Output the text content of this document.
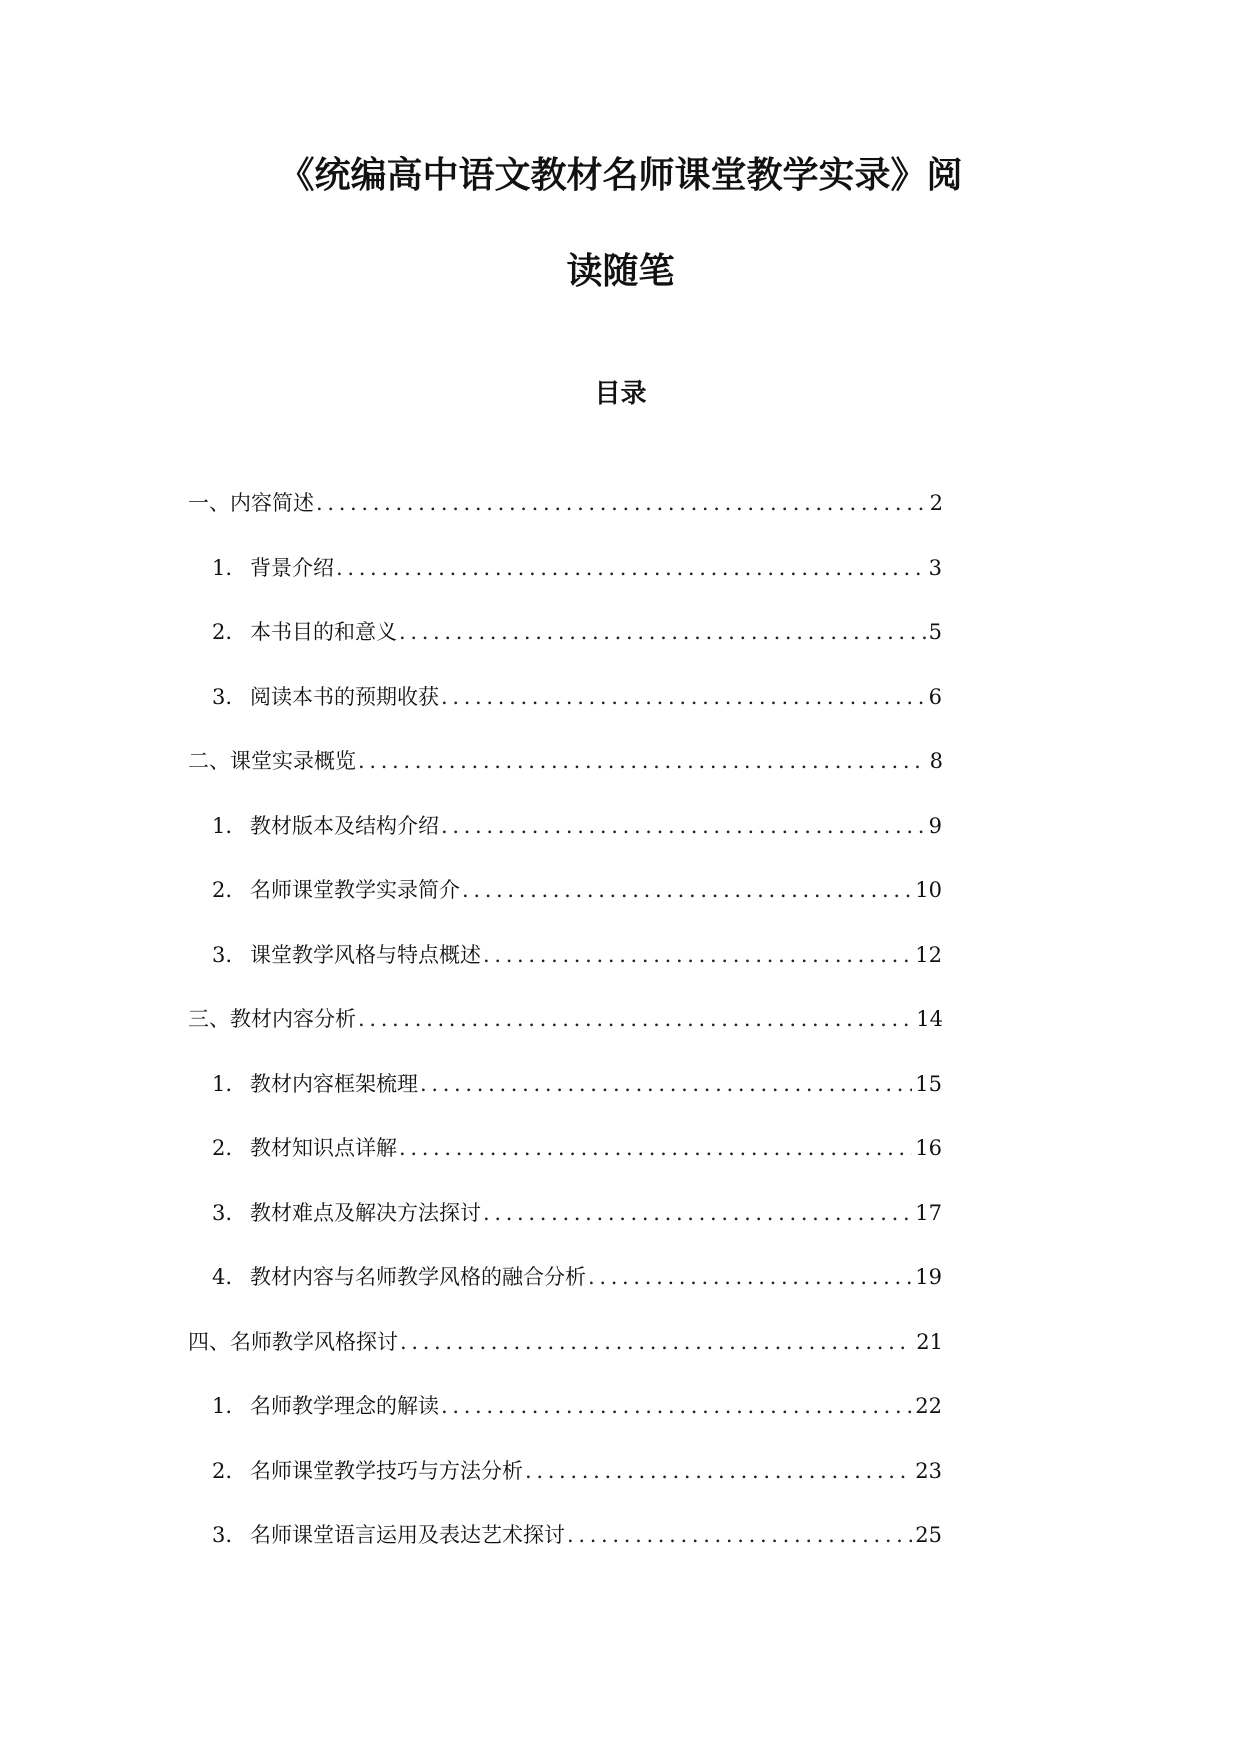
《统编高中语文教材名师课堂教学实录》阅
读随笔
目录
一、内容简述 . . .	2
1. 背景介绍 . . .	3
2. 本书目的和意义 . . .	5
3. 阅读本书的预期收获 . . .	6
二、课堂实录概览 . . .	8
1. 教材版本及结构介绍 . . .	9
2. 名师课堂教学实录简介 . . .	10
3. 课堂教学风格与特点概述 . . .	12
三、教材内容分析 . . .	14
1. 教材内容框架梳理 . . .	15
2. 教材知识点详解 . . .	16
3. 教材难点及解决方法探讨 . . .	17
4. 教材内容与名师教学风格的融合分析 . . .	19
四、名师教学风格探讨 . . .	21
1. 名师教学理念的解读 . . .	22
2. 名师课堂教学技巧与方法分析 . . .	23
3. 名师课堂语言运用及表达艺术探讨 . . .	25
